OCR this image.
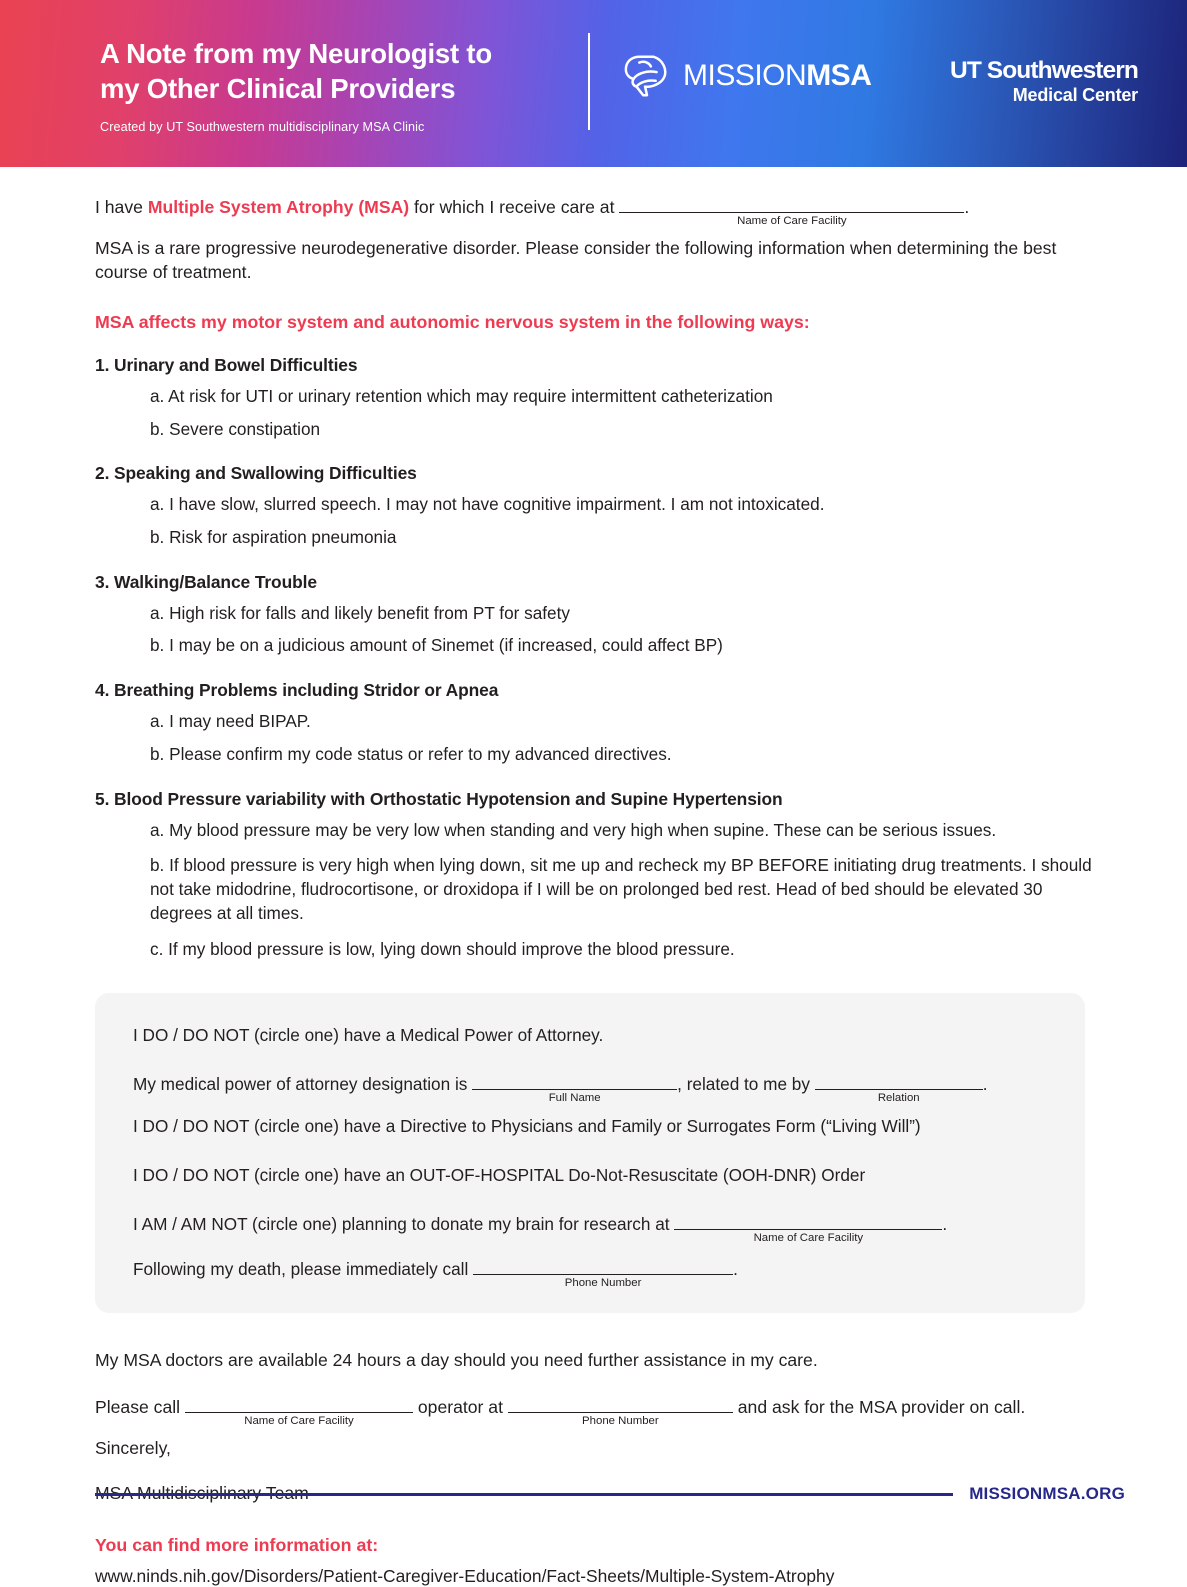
A Note from my Neurologist to
my Other Clinical Providers
Created by UT Southwestern multidisciplinary MSA Clinic
MISSIONMSA	UT Southwestern
Medical Center
I have Multiple System Atrophy (MSA) for which I receive care at
Name of Care Facility
.
MSA is a rare progressive neurodegenerative disorder. Please consider the following information when determining the best course of treatment.
MSA affects my motor system and autonomic nervous system in the following ways:
1. Urinary and Bowel Difficulties
a. At risk for UTI or urinary retention which may require intermittent catheterization
b. Severe constipation
2. Speaking and Swallowing Difficulties
a. I have slow, slurred speech. I may not have cognitive impairment. I am not intoxicated.
b. Risk for aspiration pneumonia
3. Walking/Balance Trouble
a. High risk for falls and likely benefit from PT for safety
b. I may be on a judicious amount of Sinemet (if increased, could affect BP)
4. Breathing Problems including Stridor or Apnea
a. I may need BIPAP.
b. Please confirm my code status or refer to my advanced directives.
5. Blood Pressure variability with Orthostatic Hypotension and Supine Hypertension
a. My blood pressure may be very low when standing and very high when supine. These can be serious issues.
b. If blood pressure is very high when lying down, sit me up and recheck my BP BEFORE initiating drug treatments. I should not take midodrine, fludrocortisone, or droxidopa if I will be on prolonged bed rest. Head of bed should be elevated 30 degrees at all times.
c. If my blood pressure is low, lying down should improve the blood pressure.
I DO / DO NOT (circle one) have a Medical Power of Attorney.
My medical power of attorney designation is
Full Name
, related to me by
Relation
.
I DO / DO NOT (circle one) have a Directive to Physicians and Family or Surrogates Form (“Living Will”)
I DO / DO NOT (circle one) have an OUT-OF-HOSPITAL Do-Not-Resuscitate (OOH-DNR) Order
I AM / AM NOT (circle one) planning to donate my brain for research at
Name of Care Facility
.
Following my death, please immediately call
Phone Number
.
My MSA doctors are available 24 hours a day should you need further assistance in my care.
Please call
Name of Care Facility
operator at
Phone Number
and ask for the MSA provider on call.
Sincerely,
You can find more information at:
www.ninds.nih.gov/Disorders/Patient-Caregiver-Education/Fact-Sheets/Multiple-System-Atrophy
MISSIONMSA.ORG
